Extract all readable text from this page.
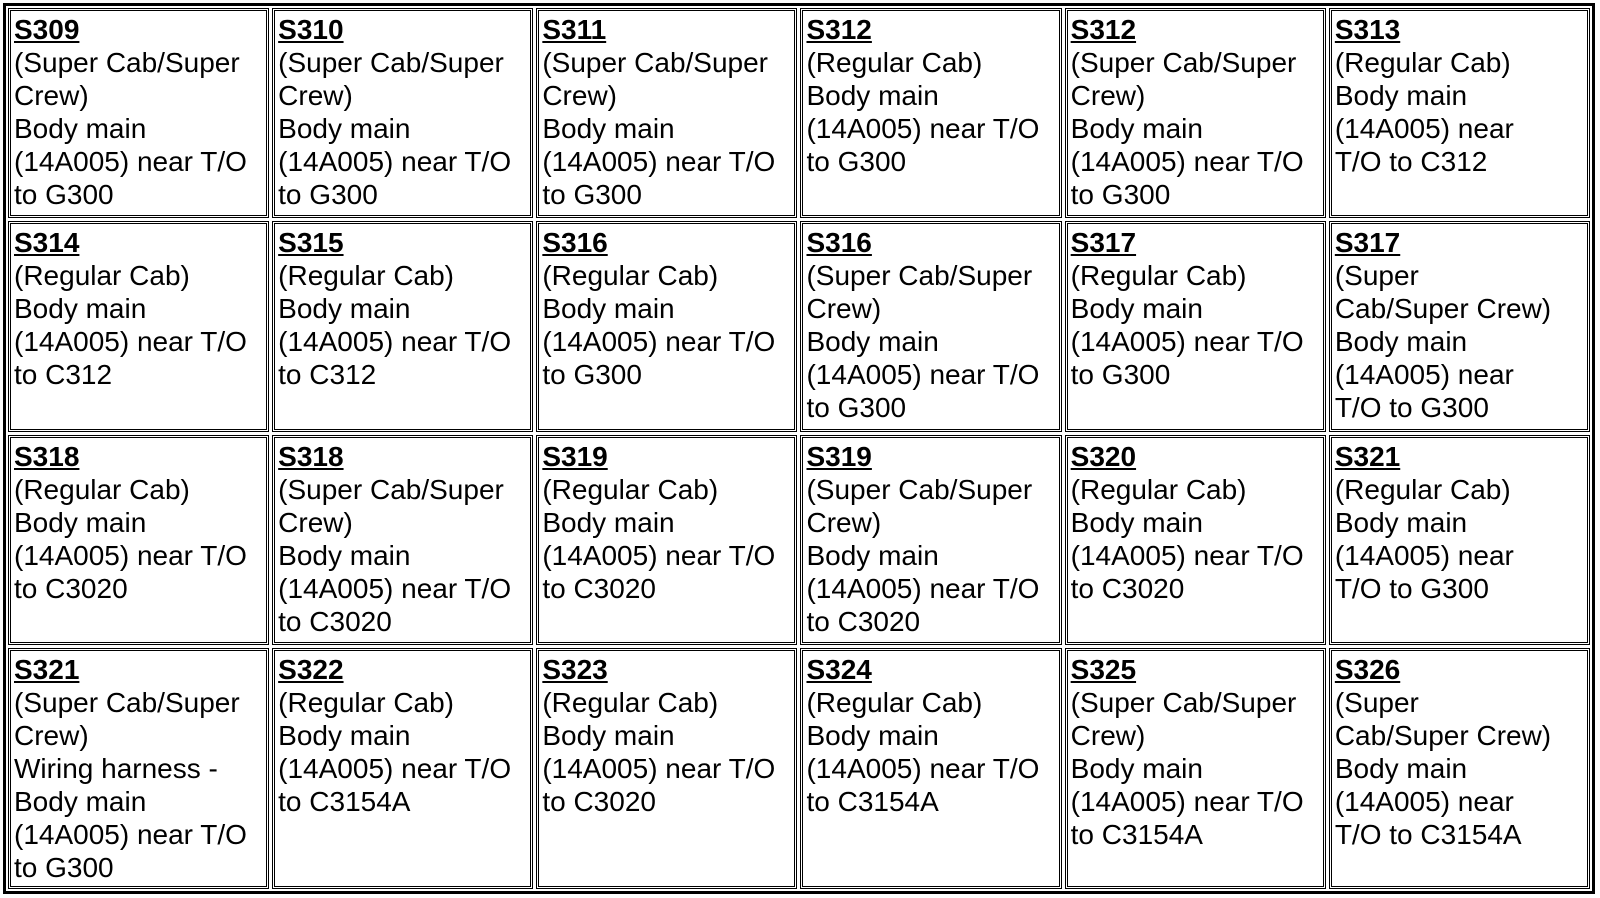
S309
(Super Cab/Super
Crew)
Body main
(14A005) near T/O
to G300
S310
(Super Cab/Super
Crew)
Body main
(14A005) near T/O
to G300
S311
(Super Cab/Super
Crew)
Body main
(14A005) near T/O
to G300
S312
(Regular Cab)
Body main
(14A005) near T/O
to G300
S312
(Super Cab/Super
Crew)
Body main
(14A005) near T/O
to G300
S313
(Regular Cab)
Body main
(14A005) near
T/O to C312
S314
(Regular Cab)
Body main
(14A005) near T/O
to C312
S315
(Regular Cab)
Body main
(14A005) near T/O
to C312
S316
(Regular Cab)
Body main
(14A005) near T/O
to G300
S316
(Super Cab/Super
Crew)
Body main
(14A005) near T/O
to G300
S317
(Regular Cab)
Body main
(14A005) near T/O
to G300
S317
(Super
Cab/Super Crew)
Body main
(14A005) near
T/O to G300
S318
(Regular Cab)
Body main
(14A005) near T/O
to C3020
S318
(Super Cab/Super
Crew)
Body main
(14A005) near T/O
to C3020
S319
(Regular Cab)
Body main
(14A005) near T/O
to C3020
S319
(Super Cab/Super
Crew)
Body main
(14A005) near T/O
to C3020
S320
(Regular Cab)
Body main
(14A005) near T/O
to C3020
S321
(Regular Cab)
Body main
(14A005) near
T/O to G300
S321
(Super Cab/Super
Crew)
Wiring harness -
Body main
(14A005) near T/O
to G300
S322
(Regular Cab)
Body main
(14A005) near T/O
to C3154A
S323
(Regular Cab)
Body main
(14A005) near T/O
to C3020
S324
(Regular Cab)
Body main
(14A005) near T/O
to C3154A
S325
(Super Cab/Super
Crew)
Body main
(14A005) near T/O
to C3154A
S326
(Super
Cab/Super Crew)
Body main
(14A005) near
T/O to C3154A
